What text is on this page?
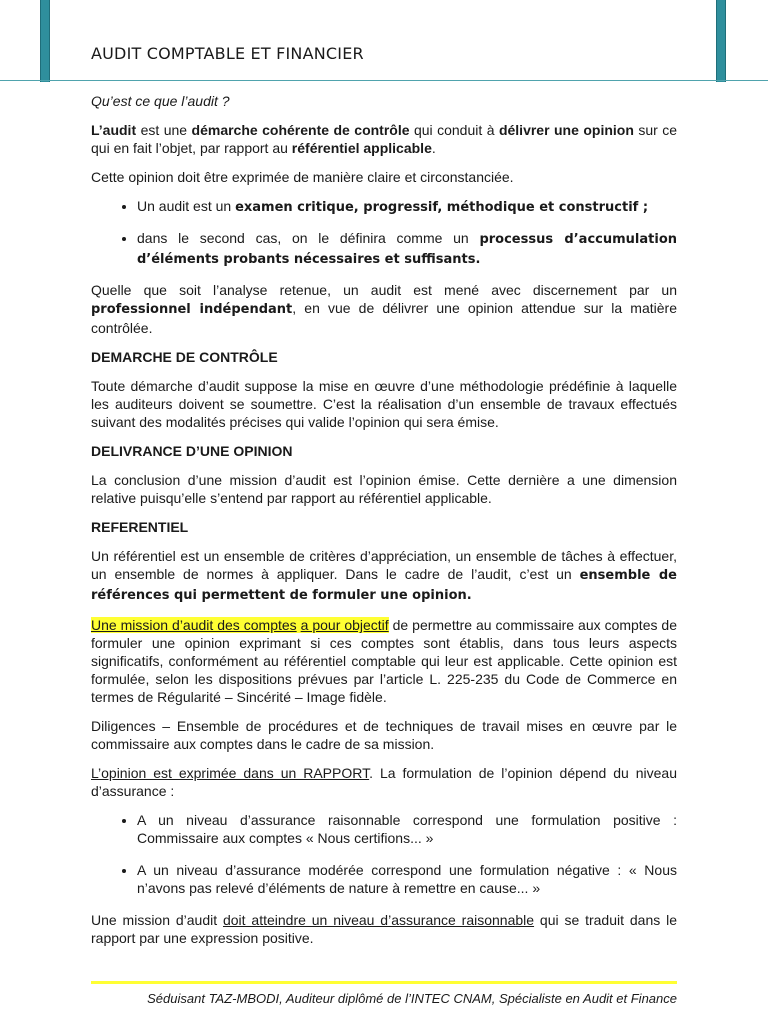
AUDIT COMPTABLE ET FINANCIER

Qu’est ce que l’audit ?

L’audit est une démarche cohérente de contrôle qui conduit à délivrer une opinion sur ce qui en fait l’objet, par rapport au référentiel applicable.

Cette opinion doit être exprimée de manière claire et circonstanciée.

• Un audit est un examen critique, progressif, méthodique et constructif ;
• dans le second cas, on le définira comme un processus d’accumulation d’éléments probants nécessaires et suffisants.

Quelle que soit l’analyse retenue, un audit est mené avec discernement par un professionnel indépendant, en vue de délivrer une opinion attendue sur la matière contrôlée.

DEMARCHE DE CONTRÔLE

Toute démarche d’audit suppose la mise en œuvre d’une méthodologie prédéfinie à laquelle les auditeurs doivent se soumettre. C’est la réalisation d’un ensemble de travaux effectués suivant des modalités précises qui valide l’opinion qui sera émise.

DELIVRANCE D’UNE OPINION

La conclusion d’une mission d’audit est l’opinion émise. Cette dernière a une dimension relative puisqu’elle s’entend par rapport au référentiel applicable.

REFERENTIEL

Un référentiel est un ensemble de critères d’appréciation, un ensemble de tâches à effectuer, un ensemble de normes à appliquer. Dans le cadre de l’audit, c’est un ensemble de références qui permettent de formuler une opinion.

Une mission d’audit des comptes a pour objectif de permettre au commissaire aux comptes de formuler une opinion exprimant si ces comptes sont établis, dans tous leurs aspects significatifs, conformément au référentiel comptable qui leur est applicable. Cette opinion est formulée, selon les dispositions prévues par l’article L. 225-235 du Code de Commerce en termes de Régularité – Sincérité – Image fidèle.

Diligences – Ensemble de procédures et de techniques de travail mises en œuvre par le commissaire aux comptes dans le cadre de sa mission.

L’opinion est exprimée dans un RAPPORT. La formulation de l’opinion dépend du niveau d’assurance :

• A un niveau d’assurance raisonnable correspond une formulation positive : Commissaire aux comptes « Nous certifions... »
• A un niveau d’assurance modérée correspond une formulation négative : « Nous n’avons pas relevé d’éléments de nature à remettre en cause... »

Une mission d’audit doit atteindre un niveau d’assurance raisonnable qui se traduit dans le rapport par une expression positive.

Séduisant TAZ-MBODI, Auditeur diplômé de l’INTEC CNAM, Spécialiste en Audit et Finance
